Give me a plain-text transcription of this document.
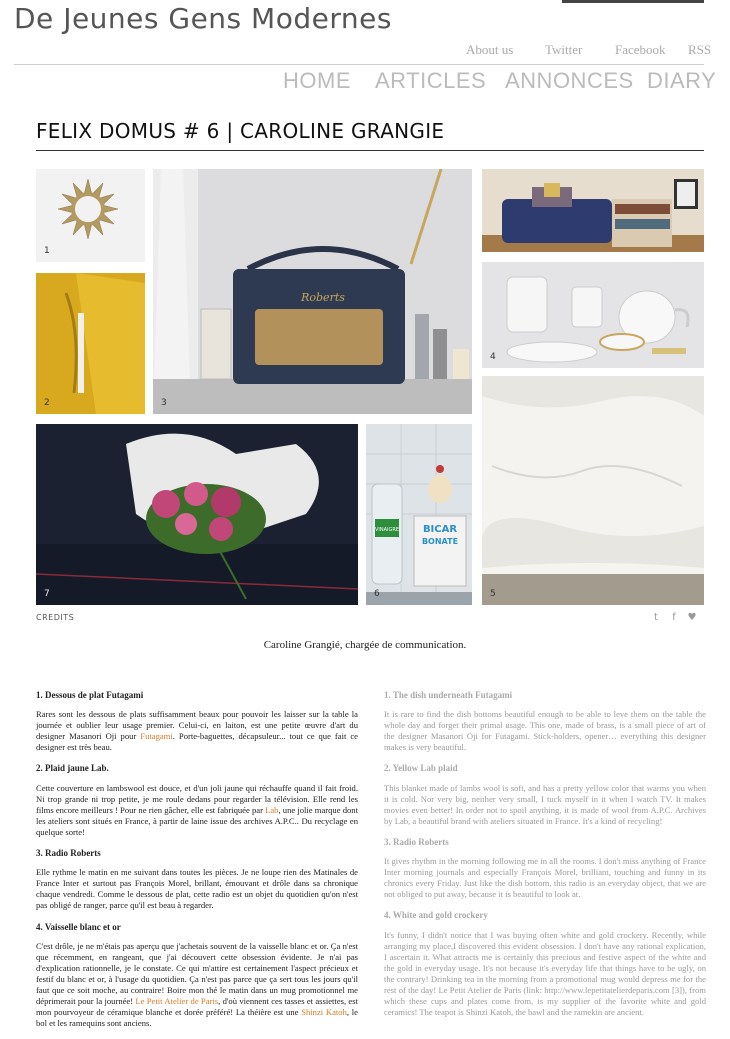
De Jeunes Gens Modernes
About us Twitter	Facebook RSS
HOME ARTICLES ANNONCES DIARY
FELIX DOMUS # 6 | CAROLINE GRANGIE
1
2
Roberts
3
4
5
7
VINAIGRE BICAR
BONATE
6
CREDITS	t	f	♥
Caroline Grangié, chargée de communication.
1. Dessous de plat Futagami

Rares sont les dessous de plats suffisamment beaux pour pouvoir les laisser sur la table la journée et oublier leur usage premier. Celui-ci, en laiton, est une petite œuvre d'art du designer Masanori Oji pour Futagami. Porte-baguettes, décapsuleur... tout ce que fait ce designer est très beau.

2. Plaid jaune Lab.

Cette couverture en lambswool est douce, et d'un joli jaune qui réchauffe quand il fait froid. Ni trop grande ni trop petite, je me roule dedans pour regarder la télévision. Elle rend les films encore meilleurs ! Pour ne rien gâcher, elle est fabriquée par Lab, une jolie marque dont les ateliers sont situés en France, à partir de laine issue des archives A.P.C.. Du recyclage en quelque sorte!

3. Radio Roberts

Elle rythme le matin en me suivant dans toutes les pièces. Je ne loupe rien des Matinales de France Inter et surtout pas François Morel, brillant, émouvant et drôle dans sa chronique chaque vendredi. Comme le dessous de plat, cette radio est un objet du quotidien qu'on n'est pas obligé de ranger, parce qu'il est beau à regarder.

4. Vaisselle blanc et or

C'est drôle, je ne m'étais pas aperçu que j'achetais souvent de la vaisselle blanc et or. Ça n'est que récemment, en rangeant, que j'ai découvert cette obsession évidente. Je n'ai pas d'explication rationnelle, je le constate. Ce qui m'attire est certainement l'aspect précieux et festif du blanc et or, à l'usage du quotidien. Ça n'est pas parce que ça sert tous les jours qu'il faut que ce soit moche, au contraire! Boire mon thé le matin dans un mug promotionnel me déprimerait pour la journée! Le Petit Atelier de Paris, d'où viennent ces tasses et assiettes, est mon pourvoyeur de céramique blanche et dorée préféré! La théière est une Shinzi Katoh, le bol et les ramequins sont anciens.

1. The dish underneath Futagami

It is rare to find the dish bottoms beautiful enough to be able to leve them on the table the whole day and forget their primal usage. This one, made of brass, is a small piece of art of the designer Masanori Oji for Futagami. Stick-holders, opener… everything this designer makes is very beautiful.

2. Yellow Lab plaid

This blanket made of lambs wool is soft, and has a pretty yellow color that warms you when it is cold. Nor very big, neither very small, I tuck myself in it when I watch TV. It makes movies even better! In order not to spoil anything, it is made of wool from A.P.C. Archives by Lab, a beautiful brand with ateliers situated in France. It's a kind of recycling!

3. Radio Roberts

It gives rhythm in the morning following me in all the rooms. I don't miss anything of France Inter morning journals and especially François Morel, brilliant, touching and funny in its chronics every Friday. Just like the dish bottom, this radio is an everyday object, that we are not obliged to put away, because it is beautiful to look at.

4. White and gold crockery

It's funny, I didn't notice that I was buying often white and gold crockery. Recently, while arranging my place,I discovered this evident obsession. I don't have any rational explication, I ascertain it. What attracts me is certainly this precious and festive aspect of the white and the gold in everyday usage. It's not because it's everyday life that things have to be ugly, on the contrary! Drinking tea in the morning from a promotional mug would depress me for the rest of the day! Le Petit Atelier de Paris (link: http://www.lepetitatelierdeparis.com [3]), from which these cups and plates come from, is my supplier of the favorite white and gold ceramics! The teapot is Shinzi Katoh, the bawl and the ramekin are ancient.
